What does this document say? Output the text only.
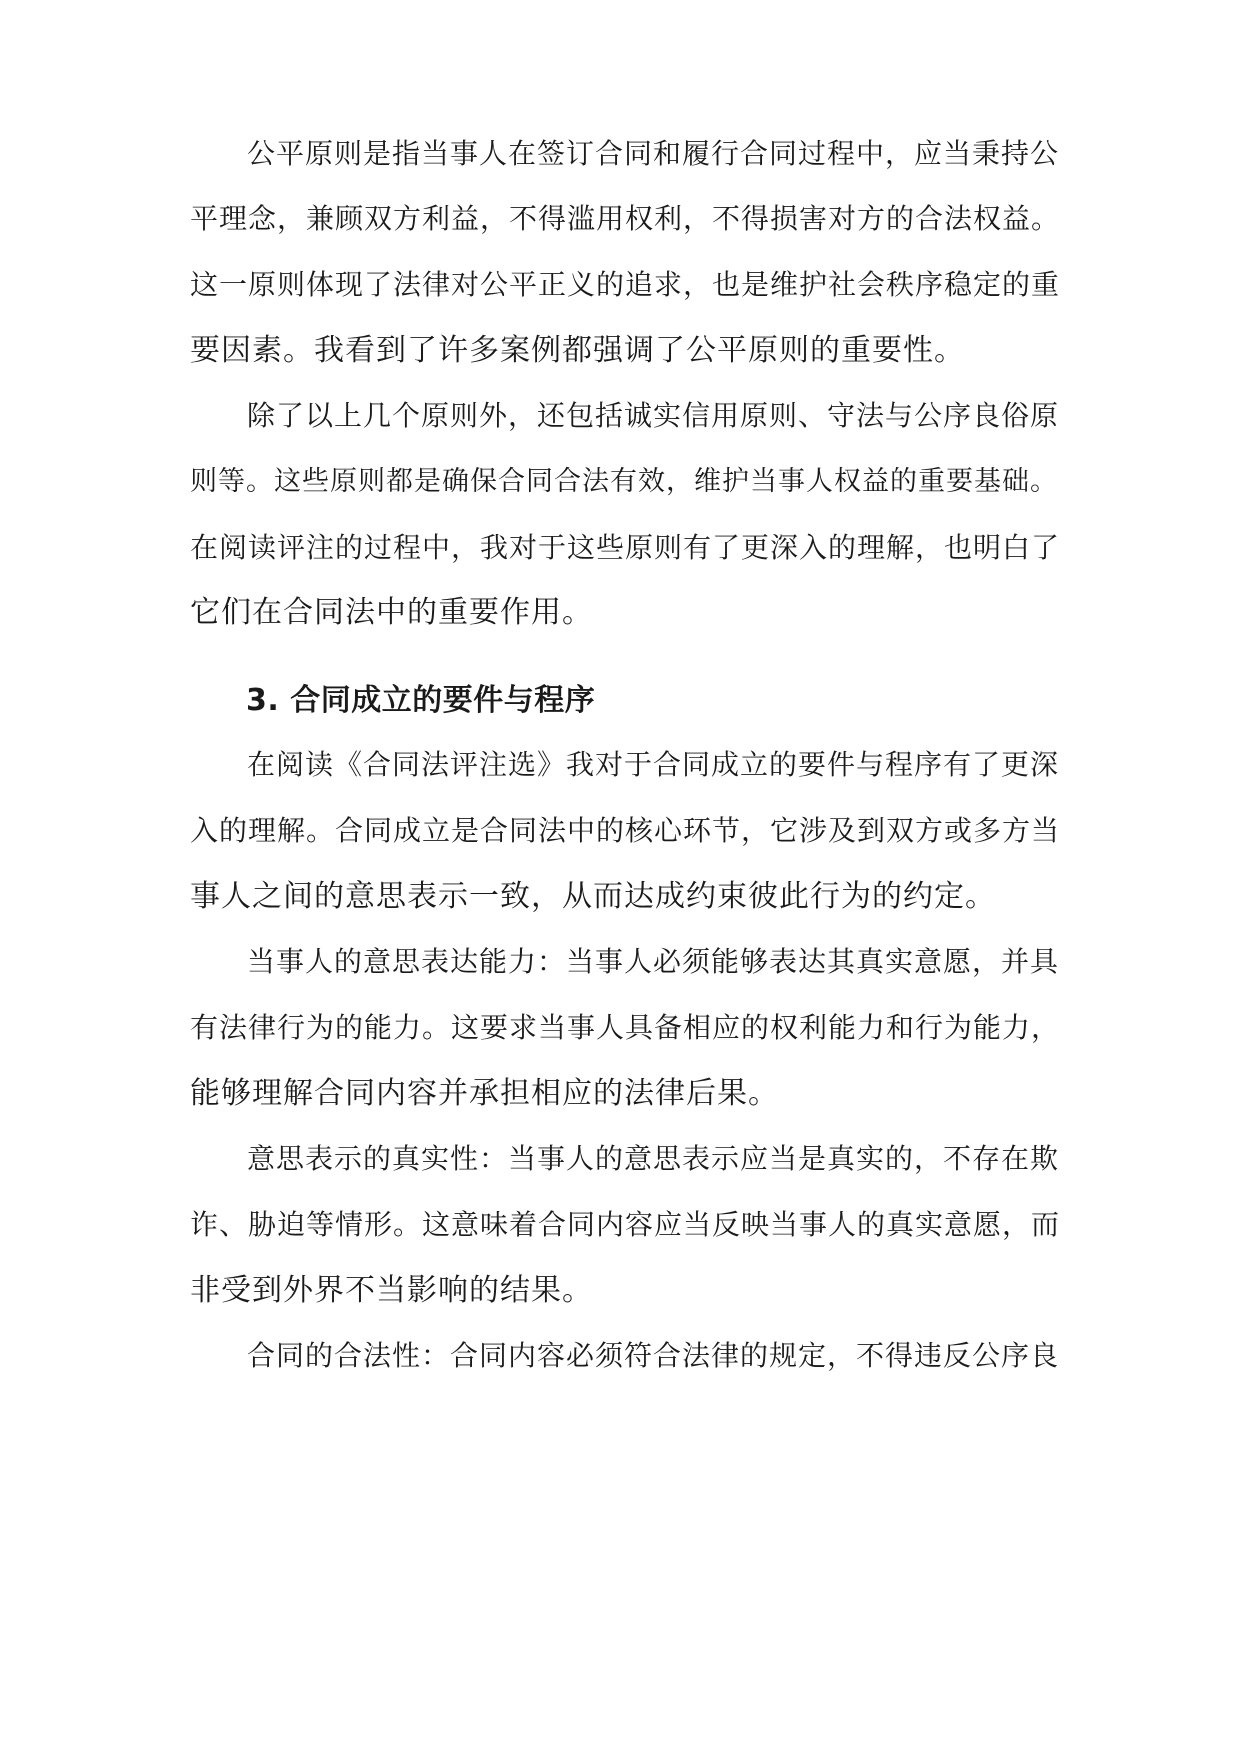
公平原则是指当事人在签订合同和履行合同过程中，应当秉持公
平理念，兼顾双方利益，不得滥用权利，不得损害对方的合法权益。
这一原则体现了法律对公平正义的追求，也是维护社会秩序稳定的重
要因素。我看到了许多案例都强调了公平原则的重要性。
除了以上几个原则外，还包括诚实信用原则、守法与公序良俗原
则等。这些原则都是确保合同合法有效，维护当事人权益的重要基础。
在阅读评注的过程中，我对于这些原则有了更深入的理解，也明白了
它们在合同法中的重要作用。
3. 合同成立的要件与程序
在阅读《合同法评注选》我对于合同成立的要件与程序有了更深
入的理解。合同成立是合同法中的核心环节，它涉及到双方或多方当
事人之间的意思表示一致，从而达成约束彼此行为的约定。
当事人的意思表达能力：当事人必须能够表达其真实意愿，并具
有法律行为的能力。这要求当事人具备相应的权利能力和行为能力，
能够理解合同内容并承担相应的法律后果。
意思表示的真实性：当事人的意思表示应当是真实的，不存在欺
诈、胁迫等情形。这意味着合同内容应当反映当事人的真实意愿，而
非受到外界不当影响的结果。
合同的合法性：合同内容必须符合法律的规定，不得违反公序良
